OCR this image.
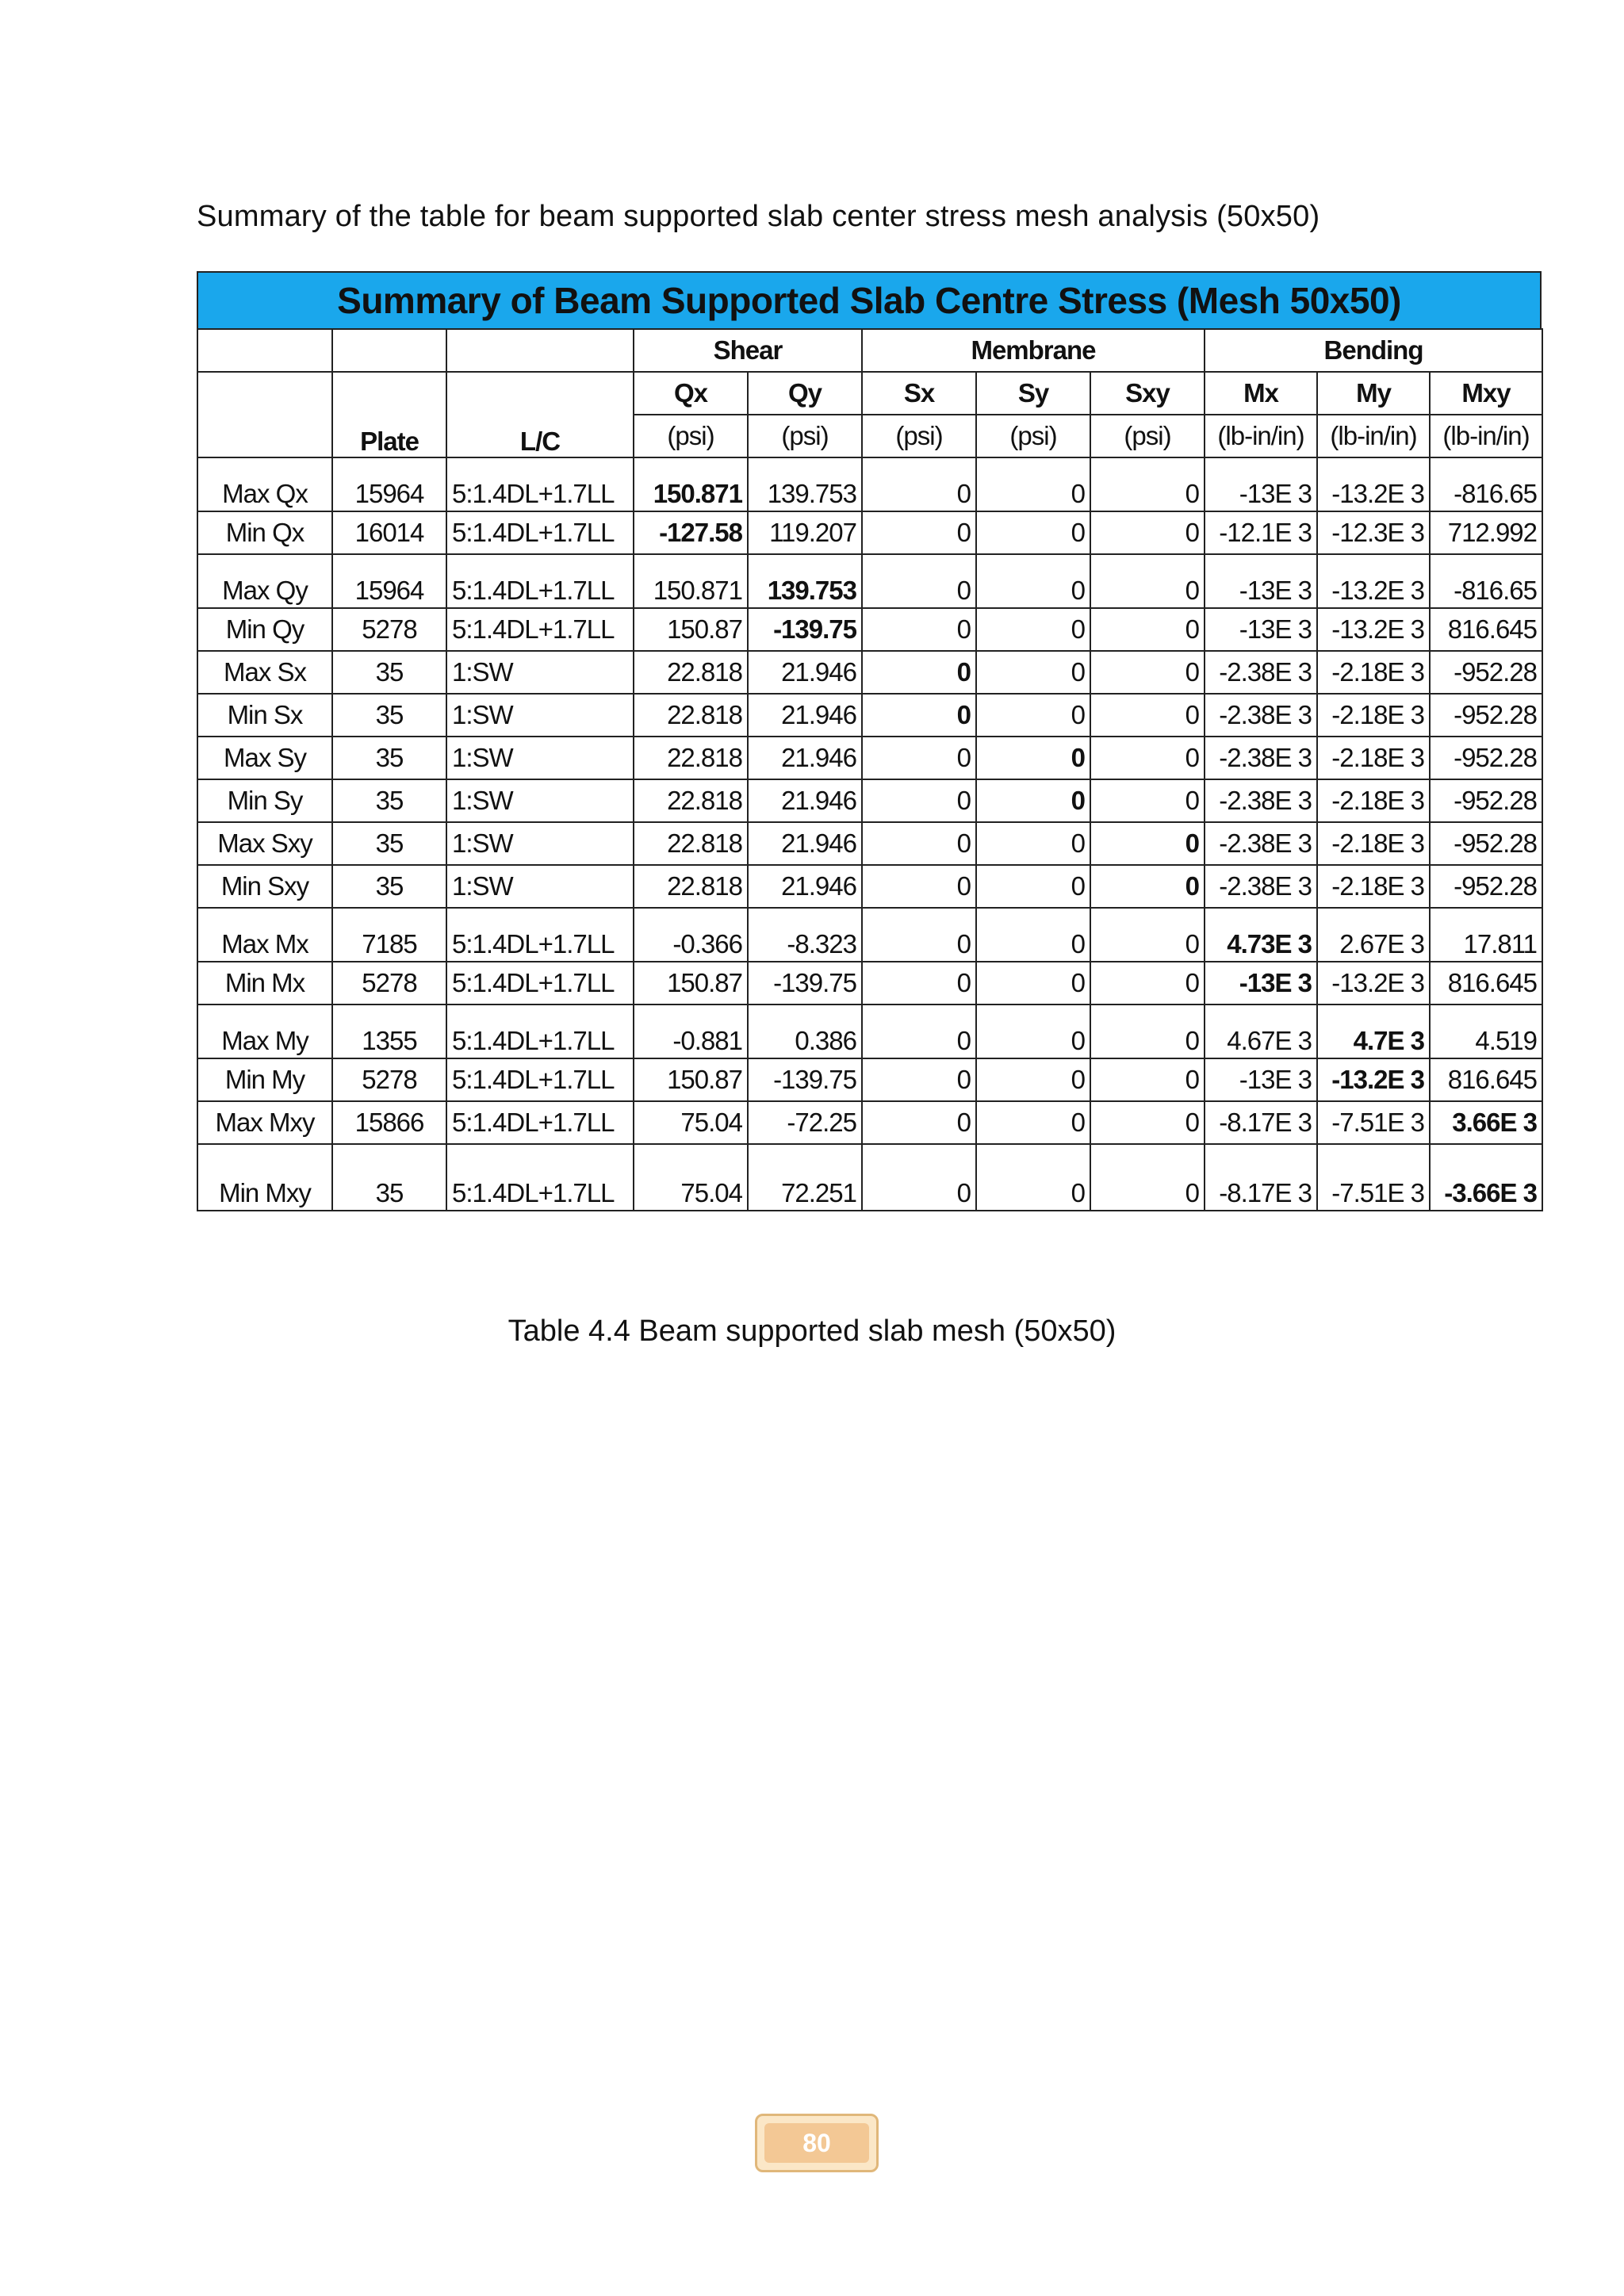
Summary of the table for beam supported slab center stress mesh analysis (50x50)
Summary of Beam Supported Slab Centre Stress (Mesh 50x50)
			Shear		Membrane			Bending		
	Plate	L/C	Qx	Qy	Sx	Sy	Sxy	Mx	My	Mxy
			(psi)	(psi)	(psi)	(psi)	(psi)	(lb-in/in)	(lb-in/in)	(lb-in/in)
Max Qx	15964	5:1.4DL+1.7LL	150.871	139.753	0	0	0	-13E 3	-13.2E 3	-816.65
Min Qx	16014	5:1.4DL+1.7LL	-127.58	119.207	0	0	0	-12.1E 3	-12.3E 3	712.992
Max Qy	15964	5:1.4DL+1.7LL	150.871	139.753	0	0	0	-13E 3	-13.2E 3	-816.65
Min Qy	5278	5:1.4DL+1.7LL	150.87	-139.75	0	0	0	-13E 3	-13.2E 3	816.645
Max Sx	35	1:SW	22.818	21.946	0	0	0	-2.38E 3	-2.18E 3	-952.28
Min Sx	35	1:SW	22.818	21.946	0	0	0	-2.38E 3	-2.18E 3	-952.28
Max Sy	35	1:SW	22.818	21.946	0	0	0	-2.38E 3	-2.18E 3	-952.28
Min Sy	35	1:SW	22.818	21.946	0	0	0	-2.38E 3	-2.18E 3	-952.28
Max Sxy	35	1:SW	22.818	21.946	0	0	0	-2.38E 3	-2.18E 3	-952.28
Min Sxy	35	1:SW	22.818	21.946	0	0	0	-2.38E 3	-2.18E 3	-952.28
Max Mx	7185	5:1.4DL+1.7LL	-0.366	-8.323	0	0	0	4.73E 3	2.67E 3	17.811
Min Mx	5278	5:1.4DL+1.7LL	150.87	-139.75	0	0	0	-13E 3	-13.2E 3	816.645
Max My	1355	5:1.4DL+1.7LL	-0.881	0.386	0	0	0	4.67E 3	4.7E 3	4.519
Min My	5278	5:1.4DL+1.7LL	150.87	-139.75	0	0	0	-13E 3	-13.2E 3	816.645
Max Mxy	15866	5:1.4DL+1.7LL	75.04	-72.25	0	0	0	-8.17E 3	-7.51E 3	3.66E 3
Min Mxy	35	5:1.4DL+1.7LL	75.04	72.251	0	0	0	-8.17E 3	-7.51E 3	-3.66E 3
Table 4.4 Beam supported slab mesh (50x50)
80
